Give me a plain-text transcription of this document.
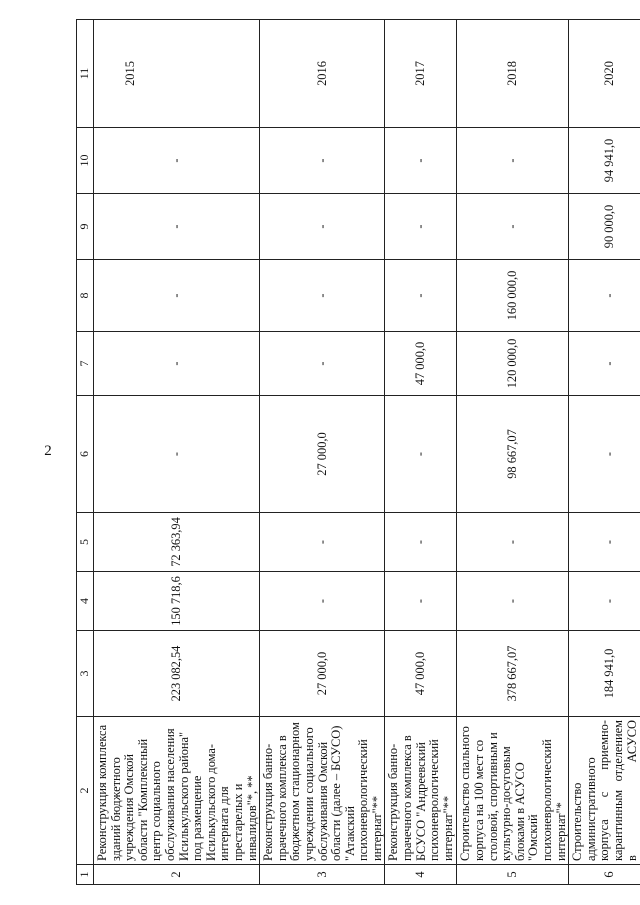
2
1	2	3	4	5	6	7	8	9	10	11
2	Реконструкция комплекса зданий бюджетного учреждения Омской области "Комплексный центр социального обслуживания населения Исилькульского района" под размещение Исилькульского дома-интерната для престарелых и инвалидов"*, **	223 082,54	150 718,6	72 363,94	-	-	-	-	-	2015
3	Реконструкция банно-прачечного комплекса в бюджетном стационарном учреждении социального обслуживания Омской области (далее – БСУСО) "Атакский психоневрологический интернат"**	27 000,0	-	-	27 000,0	-	-	-	-	2016
4	Реконструкция банно-прачечного комплекса в БСУСО "Андреевский психоневрологический интернат"**	47 000,0	-	-	-	47 000,0	-	-	-	2017
5	Строительство спального корпуса на 100 мест со столовой, спортивным и культурно-досуговым блоками в АСУСО "Омский психоневрологический интернат"*	378 667,07	-	-	98 667,07	120 000,0	160 000,0	-	-	2018
6	Строительство административного корпуса с приемно-карантинным отделением в АСУСО	184 941,0	-	-	-	-	-	90 000,0	94 941,0	2020
